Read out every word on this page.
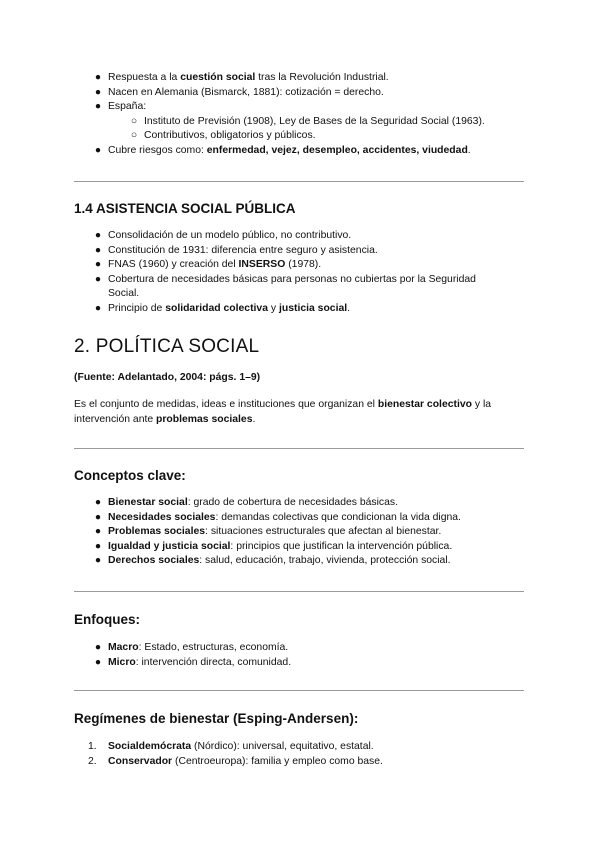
● Respuesta a la cuestión social tras la Revolución Industrial.
● Nacen en Alemania (Bismarck, 1881): cotización = derecho.
● España:
○ Instituto de Previsión (1908), Ley de Bases de la Seguridad Social (1963).
○ Contributivos, obligatorios y públicos.
● Cubre riesgos como: enfermedad, vejez, desempleo, accidentes, viudedad.
1.4 ASISTENCIA SOCIAL PÚBLICA
● Consolidación de un modelo público, no contributivo.
● Constitución de 1931: diferencia entre seguro y asistencia.
● FNAS (1960) y creación del INSERSO (1978).
● Cobertura de necesidades básicas para personas no cubiertas por la Seguridad
Social.
● Principio de solidaridad colectiva y justicia social.
2. POLÍTICA SOCIAL
(Fuente: Adelantado, 2004: págs. 1–9)
Es el conjunto de medidas, ideas e instituciones que organizan el bienestar colectivo y la
intervención ante problemas sociales.
Conceptos clave:
● Bienestar social: grado de cobertura de necesidades básicas.
● Necesidades sociales: demandas colectivas que condicionan la vida digna.
● Problemas sociales: situaciones estructurales que afectan al bienestar.
● Igualdad y justicia social: principios que justifican la intervención pública.
● Derechos sociales: salud, educación, trabajo, vivienda, protección social.
Enfoques:
● Macro: Estado, estructuras, economía.
● Micro: intervención directa, comunidad.
Regímenes de bienestar (Esping-Andersen):
1.	Socialdemócrata (Nórdico): universal, equitativo, estatal.
2.	Conservador (Centroeuropa): familia y empleo como base.
